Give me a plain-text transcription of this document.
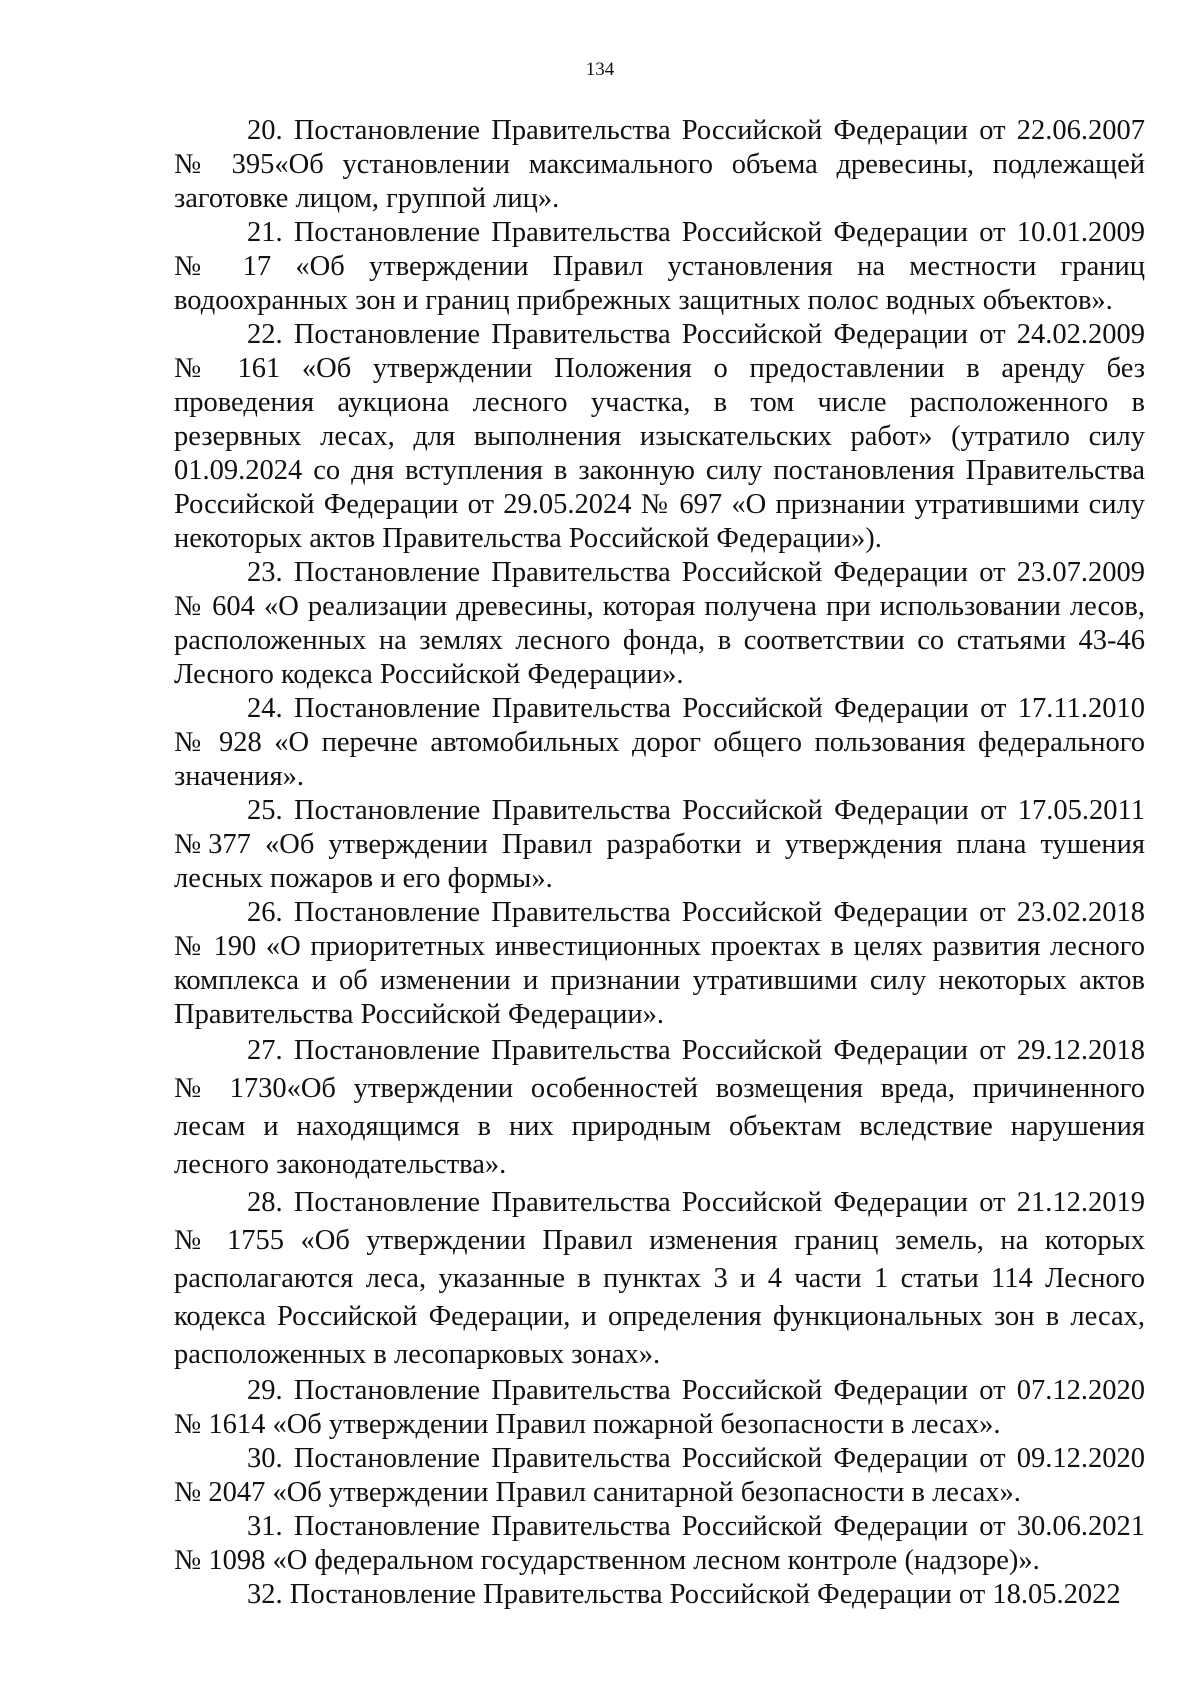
134

20. Постановление Правительства Российской Федерации от 22.06.2007 № 395«Об установлении максимального объема древесины, подлежащей заготовке лицом, группой лиц».

21. Постановление Правительства Российской Федерации от 10.01.2009 № 17 «Об утверждении Правил установления на местности границ водоохранных зон и границ прибрежных защитных полос водных объектов».

22. Постановление Правительства Российской Федерации от 24.02.2009 № 161 «Об утверждении Положения о предоставлении в аренду без проведения аукциона лесного участка, в том числе расположенного в резервных лесах, для выполнения изыскательских работ» (утратило силу 01.09.2024 со дня вступления в законную силу постановления Правительства Российской Федерации от 29.05.2024 № 697 «О признании утратившими силу некоторых актов Правительства Российской Федерации»).

23. Постановление Правительства Российской Федерации от 23.07.2009 № 604 «О реализации древесины, которая получена при использовании лесов, расположенных на землях лесного фонда, в соответствии со статьями 43-46 Лесного кодекса Российской Федерации».

24. Постановление Правительства Российской Федерации от 17.11.2010 № 928 «О перечне автомобильных дорог общего пользования федерального значения».

25. Постановление Правительства Российской Федерации от 17.05.2011 №377 «Об утверждении Правил разработки и утверждения плана тушения лесных пожаров и его формы».

26. Постановление Правительства Российской Федерации от 23.02.2018 № 190 «О приоритетных инвестиционных проектах в целях развития лесного комплекса и об изменении и признании утратившими силу некоторых актов Правительства Российской Федерации».

27. Постановление Правительства Российской Федерации от 29.12.2018 № 1730«Об утверждении особенностей возмещения вреда, причиненного лесам и находящимся в них природным объектам вследствие нарушения лесного законодательства».

28. Постановление Правительства Российской Федерации от 21.12.2019 № 1755 «Об утверждении Правил изменения границ земель, на которых располагаются леса, указанные в пунктах 3 и 4 части 1 статьи 114 Лесного кодекса Российской Федерации, и определения функциональных зон в лесах, расположенных в лесопарковых зонах».

29. Постановление Правительства Российской Федерации от 07.12.2020 № 1614 «Об утверждении Правил пожарной безопасности в лесах».

30. Постановление Правительства Российской Федерации от 09.12.2020 № 2047 «Об утверждении Правил санитарной безопасности в лесах».

31. Постановление Правительства Российской Федерации от 30.06.2021 № 1098 «О федеральном государственном лесном контроле (надзоре)».

32. Постановление Правительства Российской Федерации от 18.05.2022
